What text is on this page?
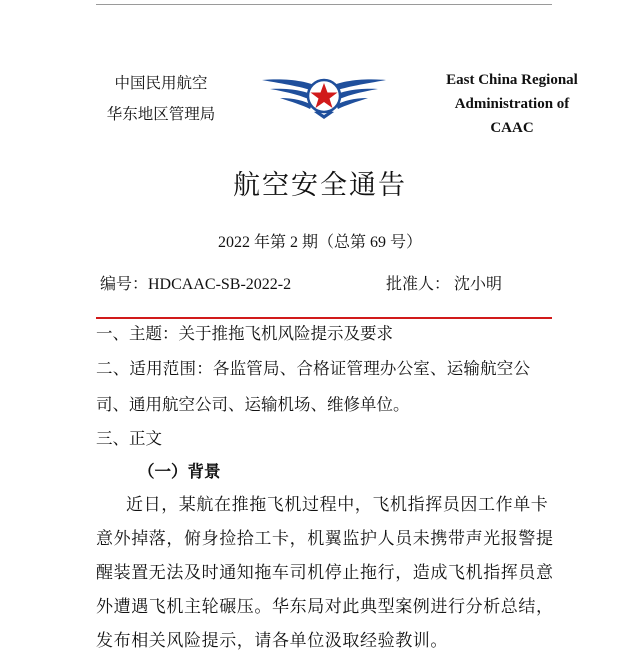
中国民用航空
华东地区管理局
East China Regional
Administration of
CAAC
航空安全通告
2022 年第 2 期（总第 69 号）
编号：HDCAAC-SB-2022-2	批准人： 沈小明
一、主题：关于推拖飞机风险提示及要求
二、适用范围：各监管局、合格证管理办公室、运输航空公
司、通用航空公司、运输机场、维修单位。
三、正文
（一）背景
近日，某航在推拖飞机过程中，飞机指挥员因工作单卡
意外掉落，俯身捡拾工卡，机翼监护人员未携带声光报警提
醒装置无法及时通知拖车司机停止拖行，造成飞机指挥员意
外遭遇飞机主轮碾压。华东局对此典型案例进行分析总结，
发布相关风险提示，请各单位汲取经验教训。
